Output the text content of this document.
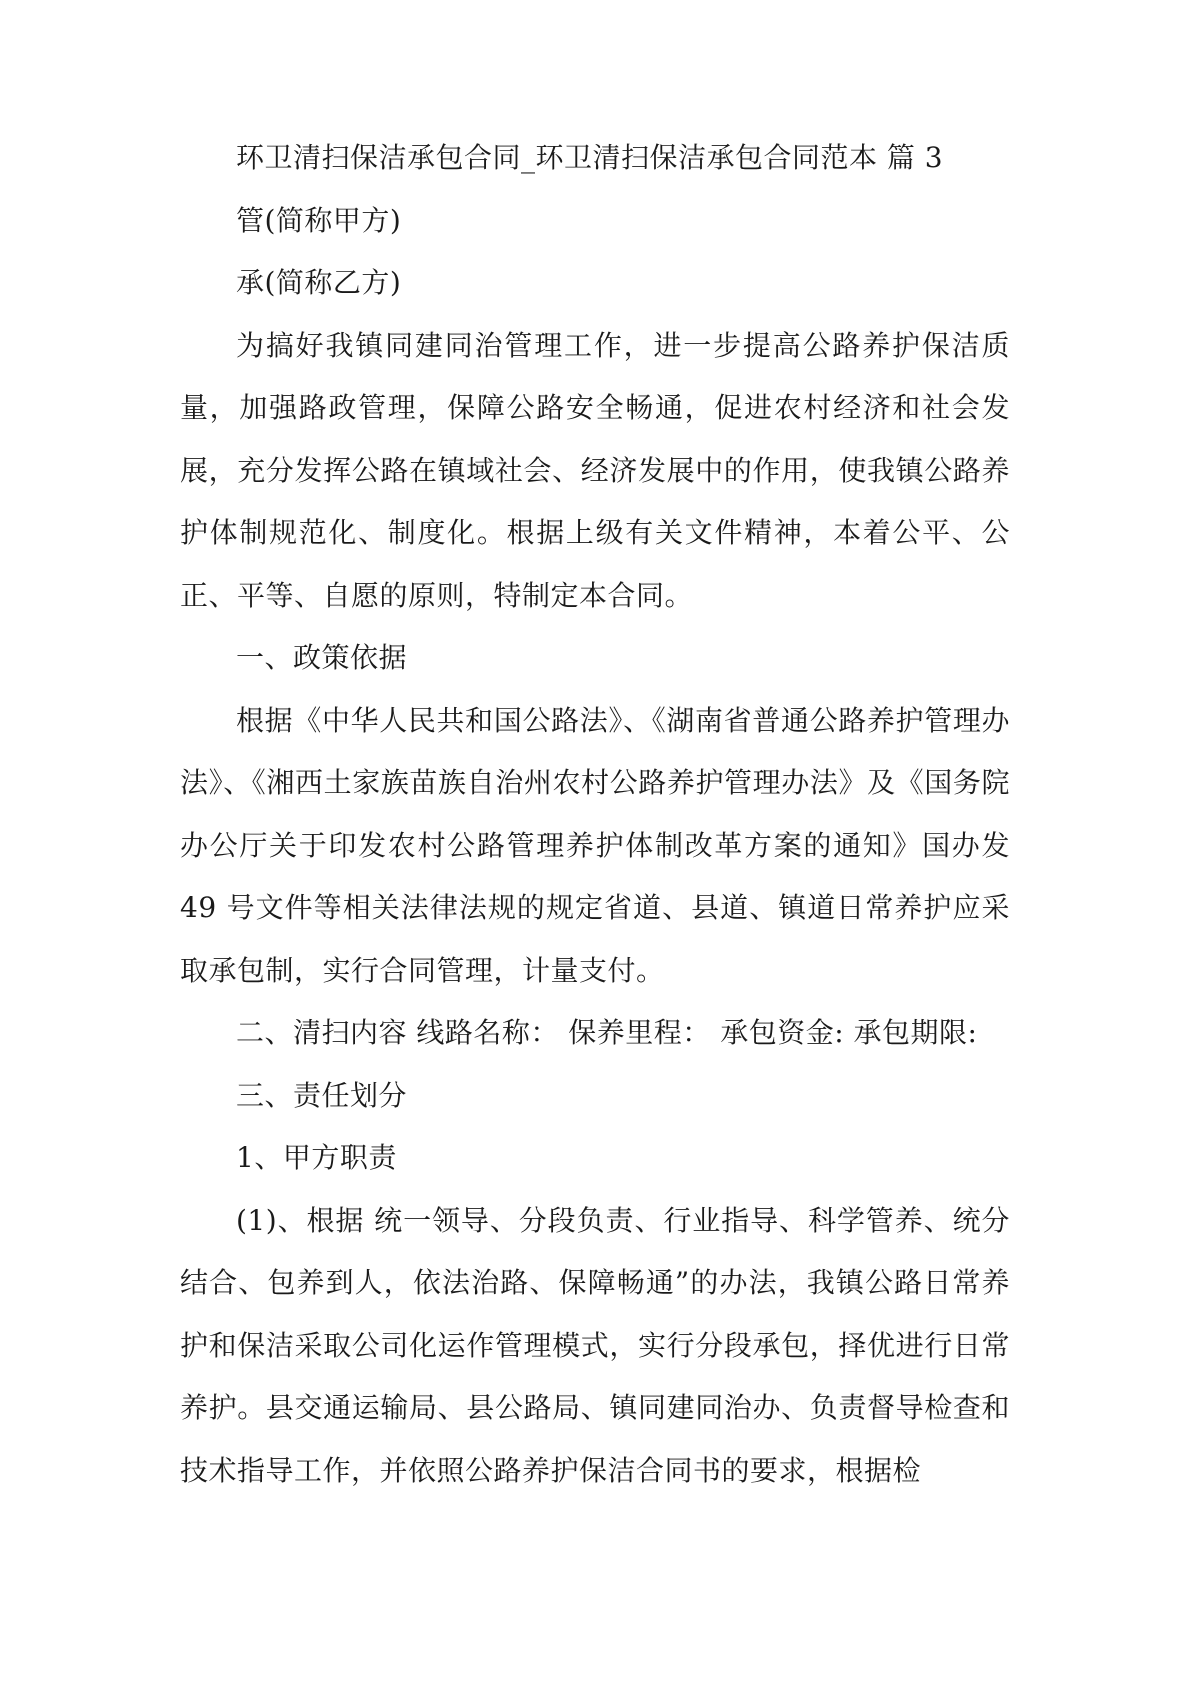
环卫清扫保洁承包合同_环卫清扫保洁承包合同范本 篇 3

管(简称甲方)

承(简称乙方)

为搞好我镇同建同治管理工作，进一步提高公路养护保洁质量，加强路政管理，保障公路安全畅通，促进农村经济和社会发展，充分发挥公路在镇域社会、经济发展中的作用，使我镇公路养护体制规范化、制度化。根据上级有关文件精神，本着公平、公正、平等、自愿的原则，特制定本合同。

一、政策依据

根据《中华人民共和国公路法》、《湖南省普通公路养护管理办法》、《湘西土家族苗族自治州农村公路养护管理办法》及《国务院办公厅关于印发农村公路管理养护体制改革方案的通知》国办发 49 号文件等相关法律法规的规定省道、县道、镇道日常养护应采取承包制，实行合同管理，计量支付。

二、清扫内容 线路名称： 保养里程： 承包资金: 承包期限:

三、责任划分

1、甲方职责

(1)、根据 统一领导、分段负责、行业指导、科学管养、统分结合、包养到人，依法治路、保障畅通”的办法，我镇公路日常养护和保洁采取公司化运作管理模式，实行分段承包，择优进行日常养护。县交通运输局、县公路局、镇同建同治办、负责督导检查和技术指导工作，并依照公路养护保洁合同书的要求，根据检
